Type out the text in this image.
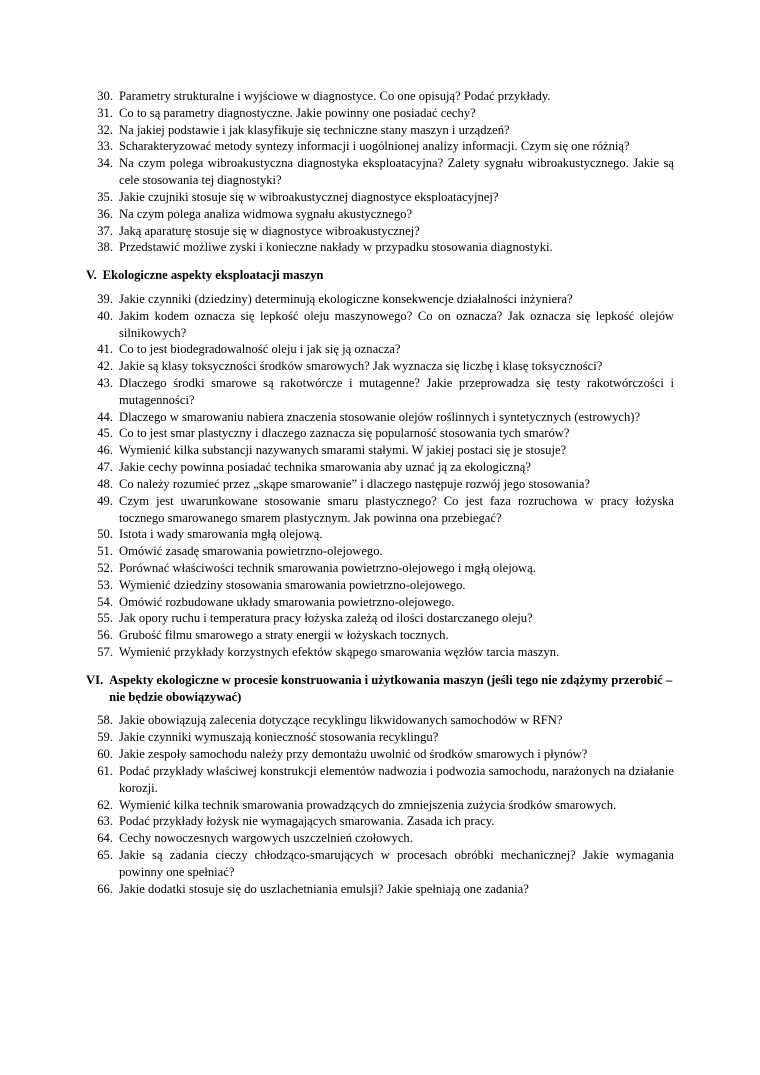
30. Parametry strukturalne i wyjściowe w diagnostyce. Co one opisują? Podać przykłady.
31. Co to są parametry diagnostyczne. Jakie powinny one posiadać cechy?
32. Na jakiej podstawie i jak klasyfikuje się techniczne stany maszyn i urządzeń?
33. Scharakteryzować metody syntezy informacji i uogólnionej analizy informacji. Czym się one różnią?
34. Na czym polega wibroakustyczna diagnostyka eksploatacyjna? Zalety sygnału wibroakustycznego. Jakie są cele stosowania tej diagnostyki?
35. Jakie czujniki stosuje się w wibroakustycznej diagnostyce eksploatacyjnej?
36. Na czym polega analiza widmowa sygnału akustycznego?
37. Jaką aparaturę stosuje się w diagnostyce wibroakustycznej?
38. Przedstawić możliwe zyski i konieczne nakłady w przypadku stosowania diagnostyki.
V. Ekologiczne aspekty eksploatacji maszyn
39. Jakie czynniki (dziedziny) determinują ekologiczne konsekwencje działalności inżyniera?
40. Jakim kodem oznacza się lepkość oleju maszynowego? Co on oznacza? Jak oznacza się lepkość olejów silnikowych?
41. Co to jest biodegradowalność oleju i jak się ją oznacza?
42. Jakie są klasy toksyczności środków smarowych? Jak wyznacza się liczbę i klasę toksyczności?
43. Dlaczego środki smarowe są rakotwórcze i mutagenne? Jakie przeprowadza się testy rakotwórczości i mutagenności?
44. Dlaczego w smarowaniu nabiera znaczenia stosowanie olejów roślinnych i syntetycznych (estrowych)?
45. Co to jest smar plastyczny i dlaczego zaznacza się popularność stosowania tych smarów?
46. Wymienić kilka substancji nazywanych smarami stałymi. W jakiej postaci się je stosuje?
47. Jakie cechy powinna posiadać technika smarowania aby uznać ją za ekologiczną?
48. Co należy rozumieć przez „skąpe smarowanie” i dlaczego następuje rozwój jego stosowania?
49. Czym jest uwarunkowane stosowanie smaru plastycznego? Co jest faza rozruchowa w pracy łożyska tocznego smarowanego smarem plastycznym. Jak powinna ona przebiegać?
50. Istota i wady smarowania mgłą olejową.
51. Omówić zasadę smarowania powietrzno-olejowego.
52. Porównać właściwości technik smarowania powietrzno-olejowego i mgłą olejową.
53. Wymienić dziedziny stosowania smarowania powietrzno-olejowego.
54. Omówić rozbudowane układy smarowania powietrzno-olejowego.
55. Jak opory ruchu i temperatura pracy łożyska zależą od ilości dostarczanego oleju?
56. Grubość filmu smarowego a straty energii w łożyskach tocznych.
57. Wymienić przykłady korzystnych efektów skąpego smarowania węzłów tarcia maszyn.
VI. Aspekty ekologiczne w procesie konstruowania i użytkowania maszyn (jeśli tego nie zdążymy przerobić – nie będzie obowiązywać)
58. Jakie obowiązują zalecenia dotyczące recyklingu likwidowanych samochodów w RFN?
59. Jakie czynniki wymuszają konieczność stosowania recyklingu?
60. Jakie zespoły samochodu należy przy demontażu uwolnić od środków smarowych i płynów?
61. Podać przykłady właściwej konstrukcji elementów nadwozia i podwozia samochodu, narażonych na działanie korozji.
62. Wymienić kilka technik smarowania prowadzących do zmniejszenia zużycia środków smarowych.
63. Podać przykłady łożysk nie wymagających smarowania. Zasada ich pracy.
64. Cechy nowoczesnych wargowych uszczelnień czołowych.
65. Jakie są zadania cieczy chłodząco-smarujących w procesach obróbki mechanicznej? Jakie wymagania powinny one spełniać?
66. Jakie dodatki stosuje się do uszlachetniania emulsji? Jakie spełniają one zadania?
